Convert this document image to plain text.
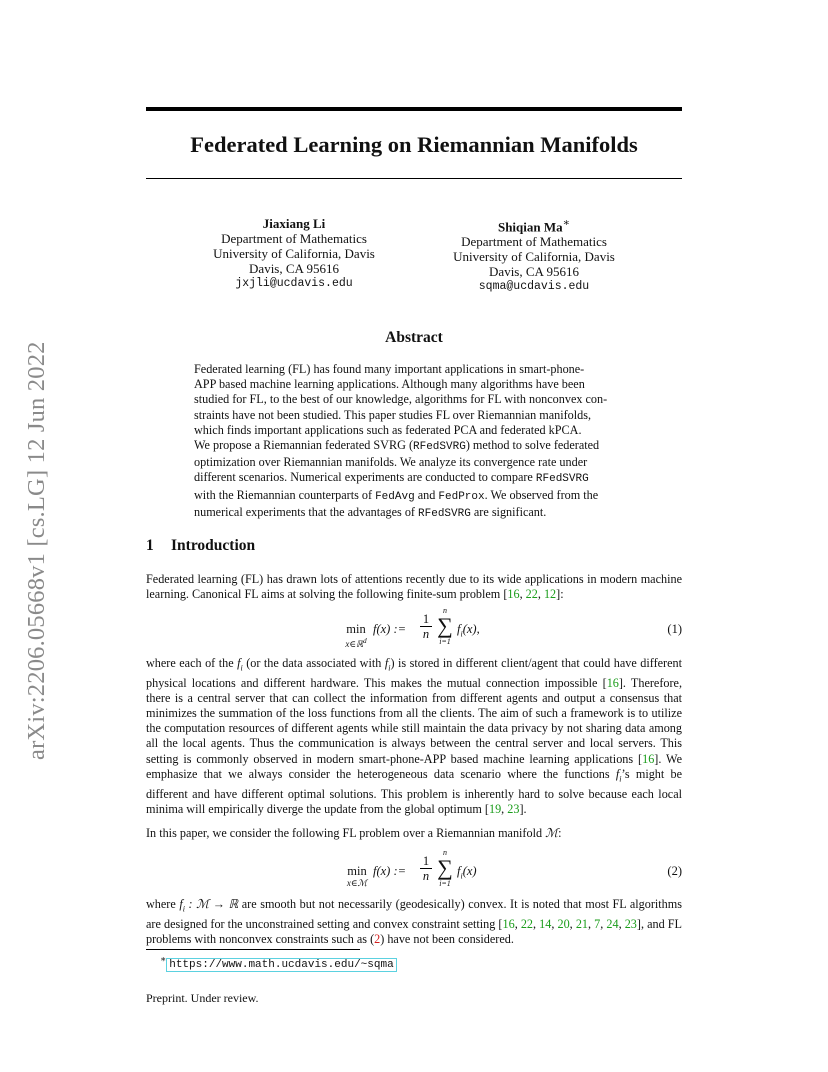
arXiv:2206.05668v1 [cs.LG] 12 Jun 2022
Federated Learning on Riemannian Manifolds
Jiaxiang Li
Department of Mathematics
University of California, Davis
Davis, CA 95616
jxjli@ucdavis.edu
Shiqian Ma∗
Department of Mathematics
University of California, Davis
Davis, CA 95616
sqma@ucdavis.edu
Abstract
Federated learning (FL) has found many important applications in smart-phone-
APP based machine learning applications. Although many algorithms have been
studied for FL, to the best of our knowledge, algorithms for FL with nonconvex con-
straints have not been studied. This paper studies FL over Riemannian manifolds,
which finds important applications such as federated PCA and federated kPCA.
We propose a Riemannian federated SVRG (RFedSVRG) method to solve federated
optimization over Riemannian manifolds. We analyze its convergence rate under
different scenarios. Numerical experiments are conducted to compare RFedSVRG
with the Riemannian counterparts of FedAvg and FedProx. We observed from the
numerical experiments that the advantages of RFedSVRG are significant.
1 Introduction
Federated learning (FL) has drawn lots of attentions recently due to its wide applications in modern machine learning. Canonical FL aims at solving the following finite-sum problem [16, 22, 12]:
min
x∈ℝ$^d$
f(x) :=
1
n
n
∑
i=1
$f_i(x)$,	(1)
where each of the $f_i$ (or the data associated with $f_i$) is stored in different client/agent that could have different physical locations and different hardware. This makes the mutual connection impossible [16]. Therefore, there is a central server that can collect the information from different agents and output a consensus that minimizes the summation of the loss functions from all the clients. The aim of such a framework is to utilize the computation resources of different agents while still maintain the data privacy by not sharing data among all the local agents. Thus the communication is always between the central server and local servers. This setting is commonly observed in modern smart-phone-APP based machine learning applications [16]. We emphasize that we always consider the heterogeneous data scenario where the functions $f_i’s$ might be different and have different optimal solutions. This problem is inherently hard to solve because each local minima will empirically diverge the update from the global optimum [19, 23].
In this paper, we consider the following FL problem over a Riemannian manifold ℳ:
min
x∈ℳ
f(x) :=
1
n
n
∑
i=1
$f_i(x)$	(2)
where $f_i$ : ℳ → ℝ are smooth but not necessarily (geodesically) convex. It is noted that most FL algorithms are designed for the unconstrained setting and convex constraint setting [16, 22, 14, 20, 21, 7, 24, 23], and FL problems with nonconvex constraints such as (2) have not been considered.
∗ https://www.math.ucdavis.edu/~sqma
Preprint. Under review.
